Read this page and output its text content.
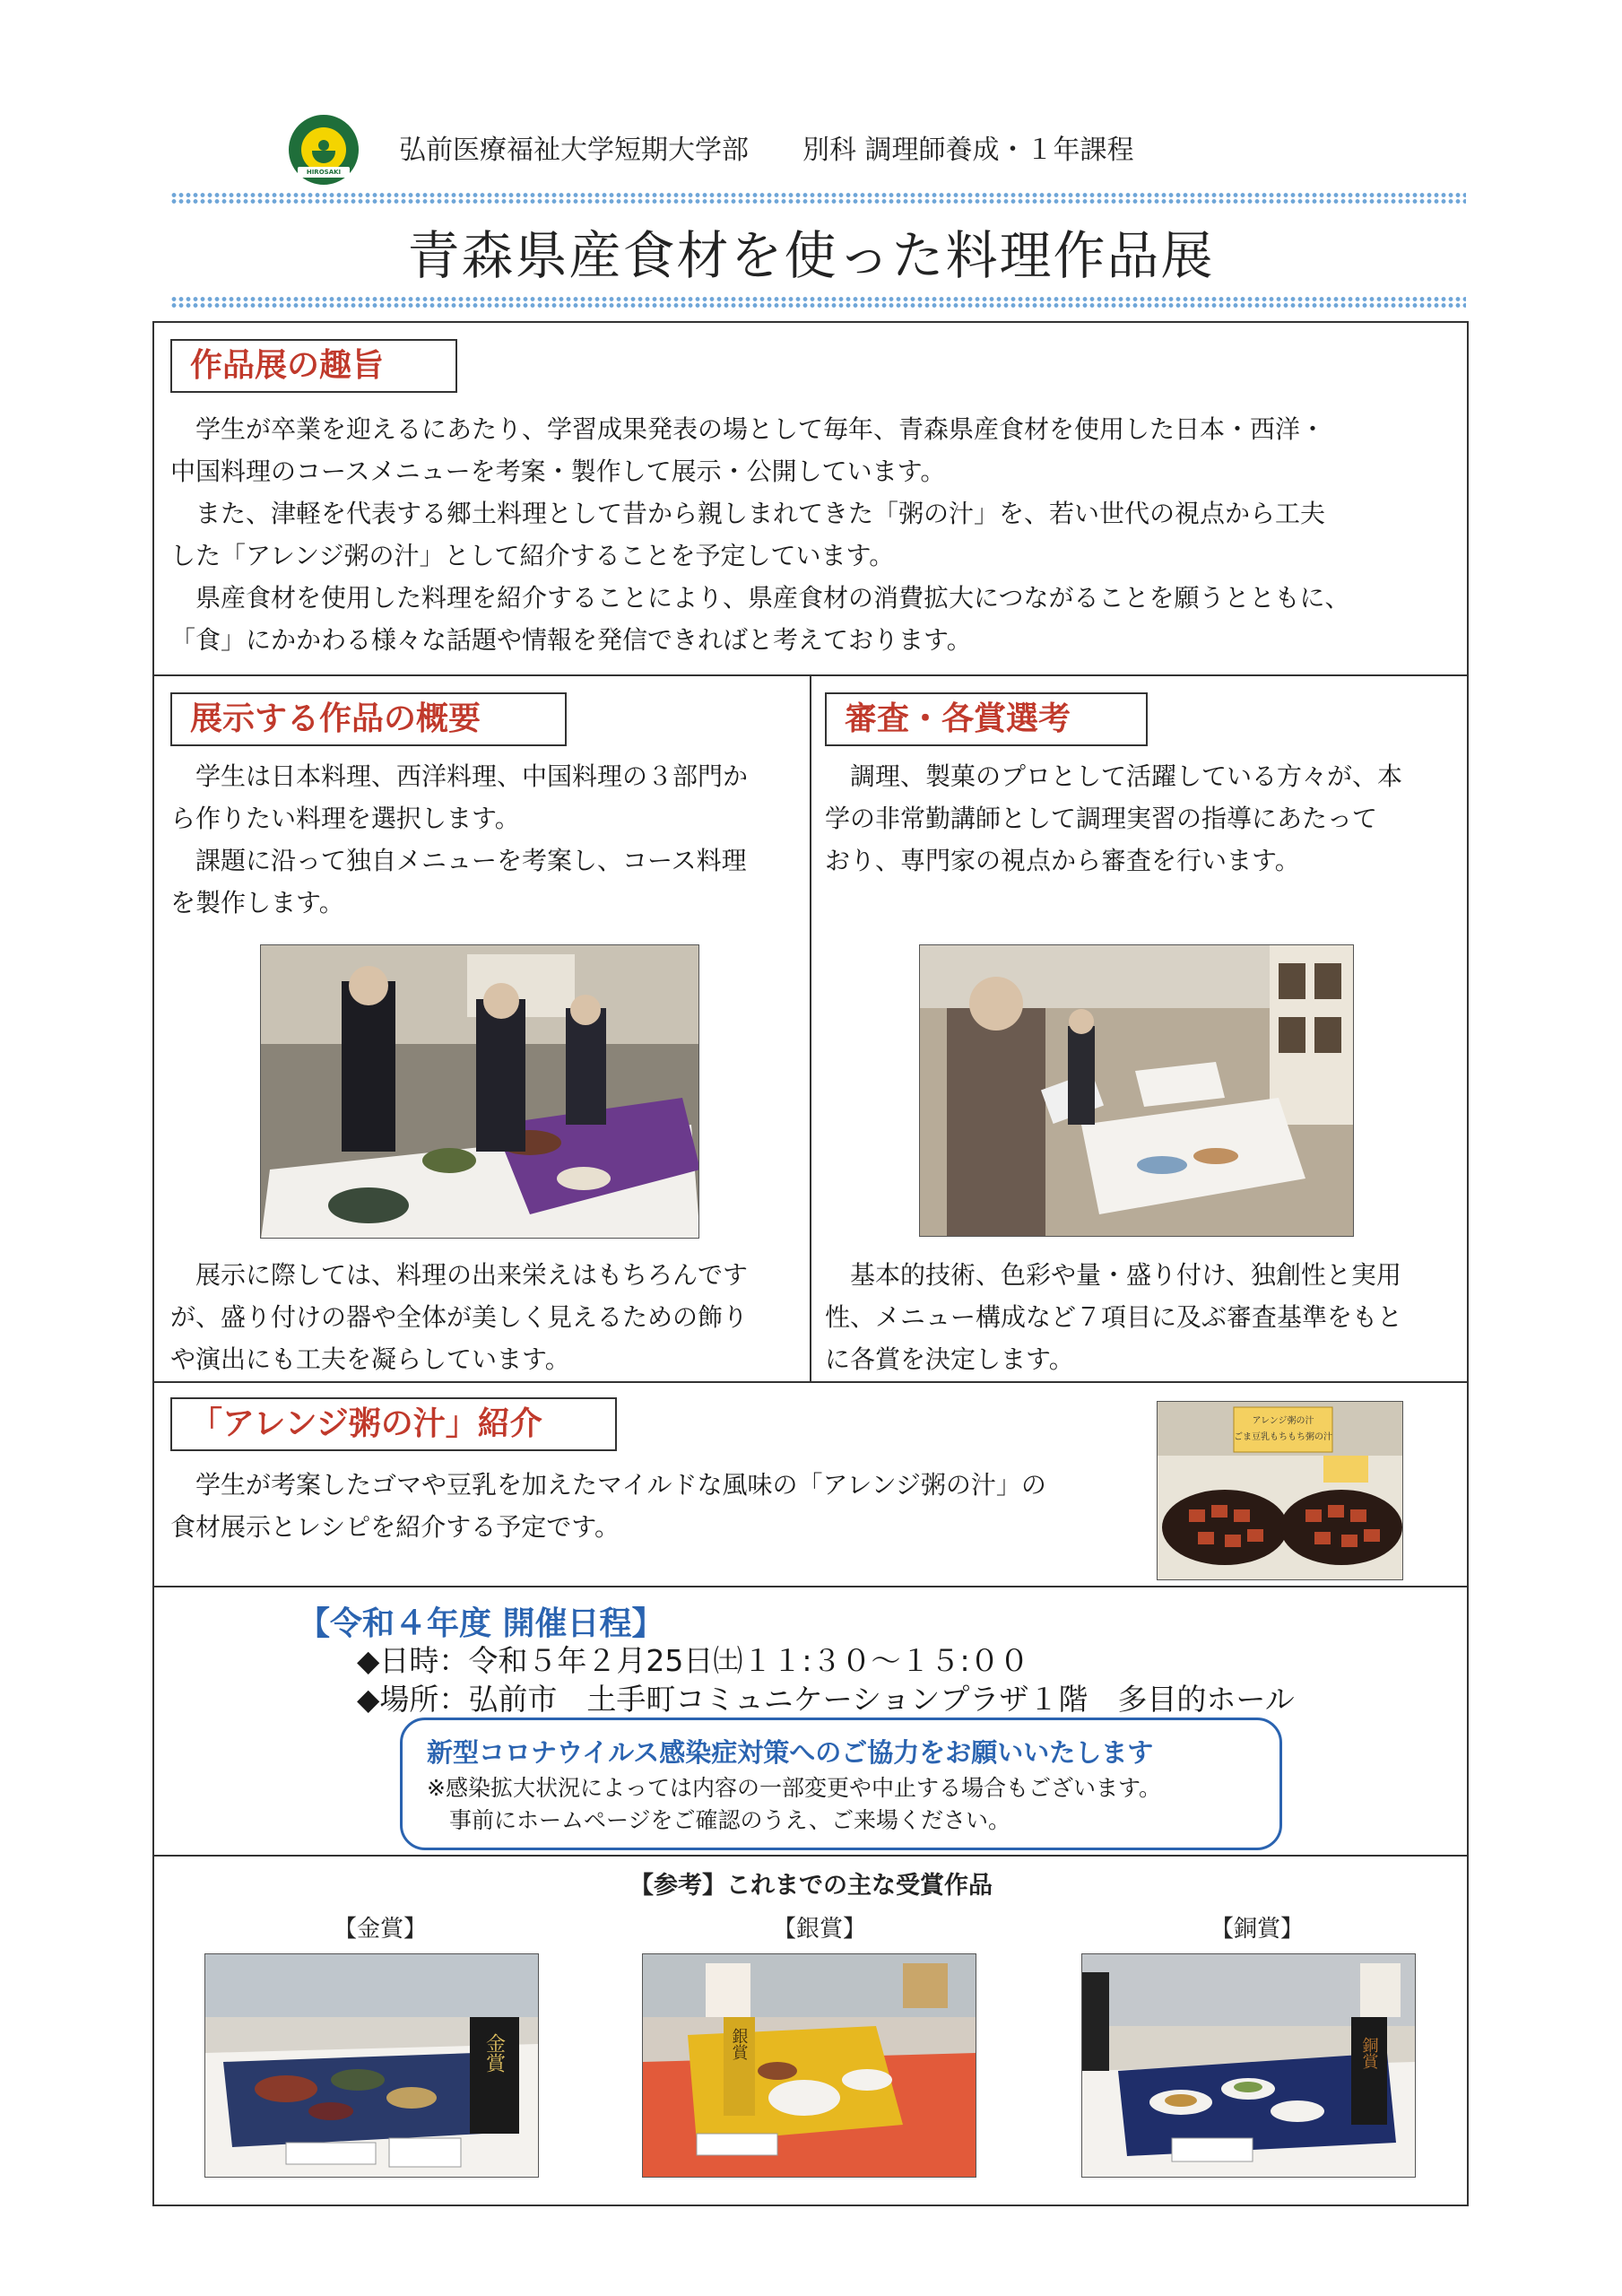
HIROSAKI
弘前医療福祉大学短期大学部　　別科 調理師養成・１年課程
青森県産食材を使った料理作品展
作品展の趣旨
　学生が卒業を迎えるにあたり、学習成果発表の場として毎年、青森県産食材を使用した日本・西洋・
中国料理のコースメニューを考案・製作して展示・公開しています。
　また、津軽を代表する郷土料理として昔から親しまれてきた「粥の汁」を、若い世代の視点から工夫
した「アレンジ粥の汁」として紹介することを予定しています。
　県産食材を使用した料理を紹介することにより、県産食材の消費拡大につながることを願うとともに、
「食」にかかわる様々な話題や情報を発信できればと考えております。
展示する作品の概要
　学生は日本料理、西洋料理、中国料理の３部門か
ら作りたい料理を選択します。
　課題に沿って独自メニューを考案し、コース料理
を製作します。
　展示に際しては、料理の出来栄えはもちろんです
が、盛り付けの器や全体が美しく見えるための飾り
や演出にも工夫を凝らしています。
審査・各賞選考
　調理、製菓のプロとして活躍している方々が、本
学の非常勤講師として調理実習の指導にあたって
おり、専門家の視点から審査を行います。
　基本的技術、色彩や量・盛り付け、独創性と実用
性、メニュー構成など７項目に及ぶ審査基準をもと
に各賞を決定します。
「アレンジ粥の汁」紹介
　学生が考案したゴマや豆乳を加えたマイルドな風味の「アレンジ粥の汁」の
食材展示とレシピを紹介する予定です。
アレンジ粥の汁
ごま豆乳もちもち粥の汁
【令和４年度 開催日程】
◆日時：令和５年２月25日㈯１１:３０～１５:００
◆場所：弘前市　土手町コミュニケーションプラザ１階　多目的ホール
新型コロナウイルス感染症対策へのご協力をお願いいたします
※感染拡大状況によっては内容の一部変更や中止する場合もございます。
　事前にホームページをご確認のうえ、ご来場ください。
【参考】これまでの主な受賞作品
【金賞】	【銀賞】	【銅賞】
金賞	銀賞	銅賞
